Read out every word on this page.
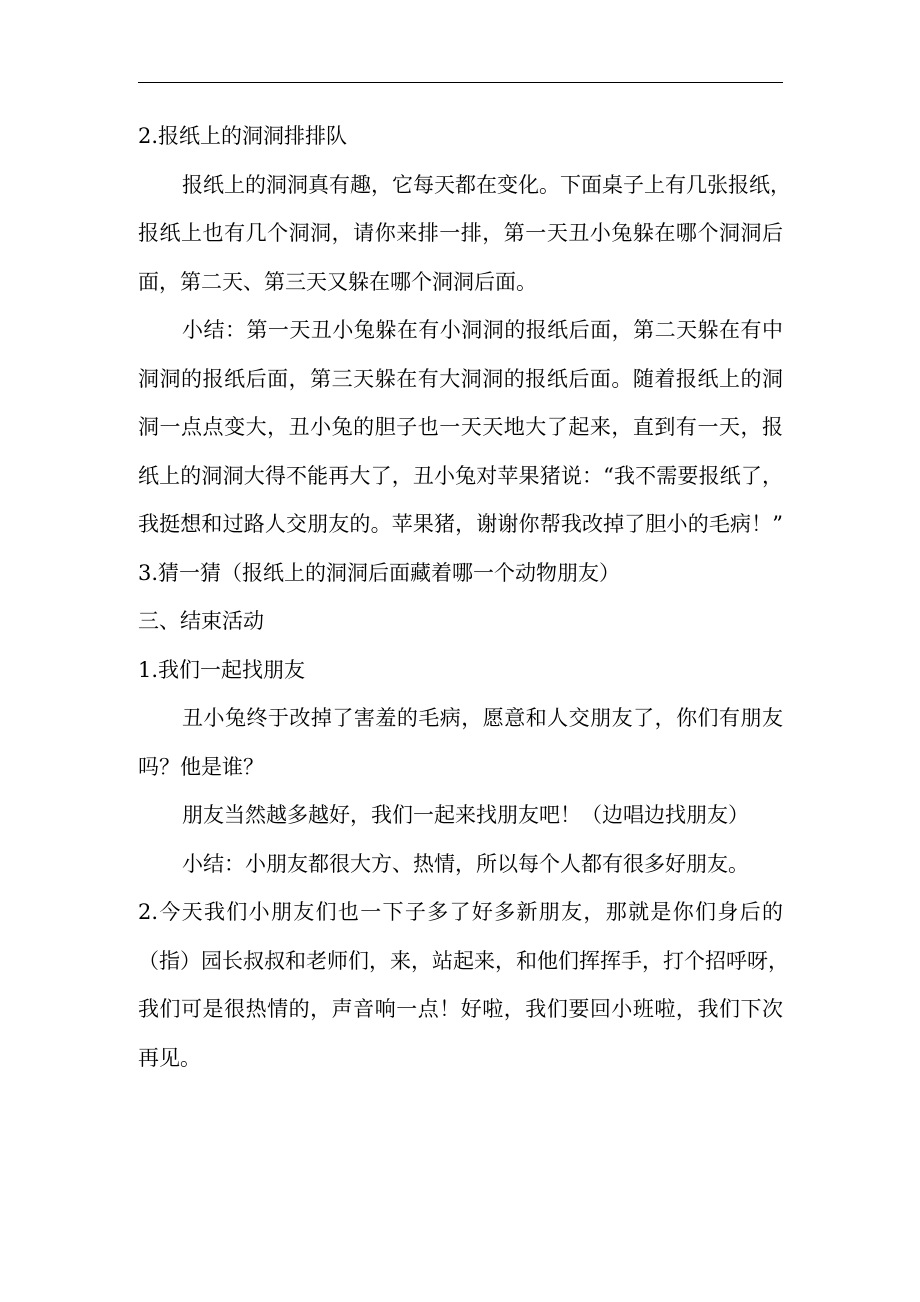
2.报纸上的洞洞排排队
报纸上的洞洞真有趣，它每天都在变化。下面桌子上有几张报纸，
报纸上也有几个洞洞，请你来排一排，第一天丑小兔躲在哪个洞洞后
面，第二天、第三天又躲在哪个洞洞后面。
小结：第一天丑小兔躲在有小洞洞的报纸后面，第二天躲在有中
洞洞的报纸后面，第三天躲在有大洞洞的报纸后面。随着报纸上的洞
洞一点点变大，丑小兔的胆子也一天天地大了起来，直到有一天，报
纸上的洞洞大得不能再大了，丑小兔对苹果猪说：“我不需要报纸了，
我挺想和过路人交朋友的。苹果猪，谢谢你帮我改掉了胆小的毛病！”
3.猜一猜（报纸上的洞洞后面藏着哪一个动物朋友）
三、结束活动
1.我们一起找朋友
丑小兔终于改掉了害羞的毛病，愿意和人交朋友了，你们有朋友
吗？他是谁？
朋友当然越多越好，我们一起来找朋友吧！（边唱边找朋友）
小结：小朋友都很大方、热情，所以每个人都有很多好朋友。
2.今天我们小朋友们也一下子多了好多新朋友，那就是你们身后的
（指）园长叔叔和老师们，来，站起来，和他们挥挥手，打个招呼呀，
我们可是很热情的，声音响一点！好啦，我们要回小班啦，我们下次
再见。
